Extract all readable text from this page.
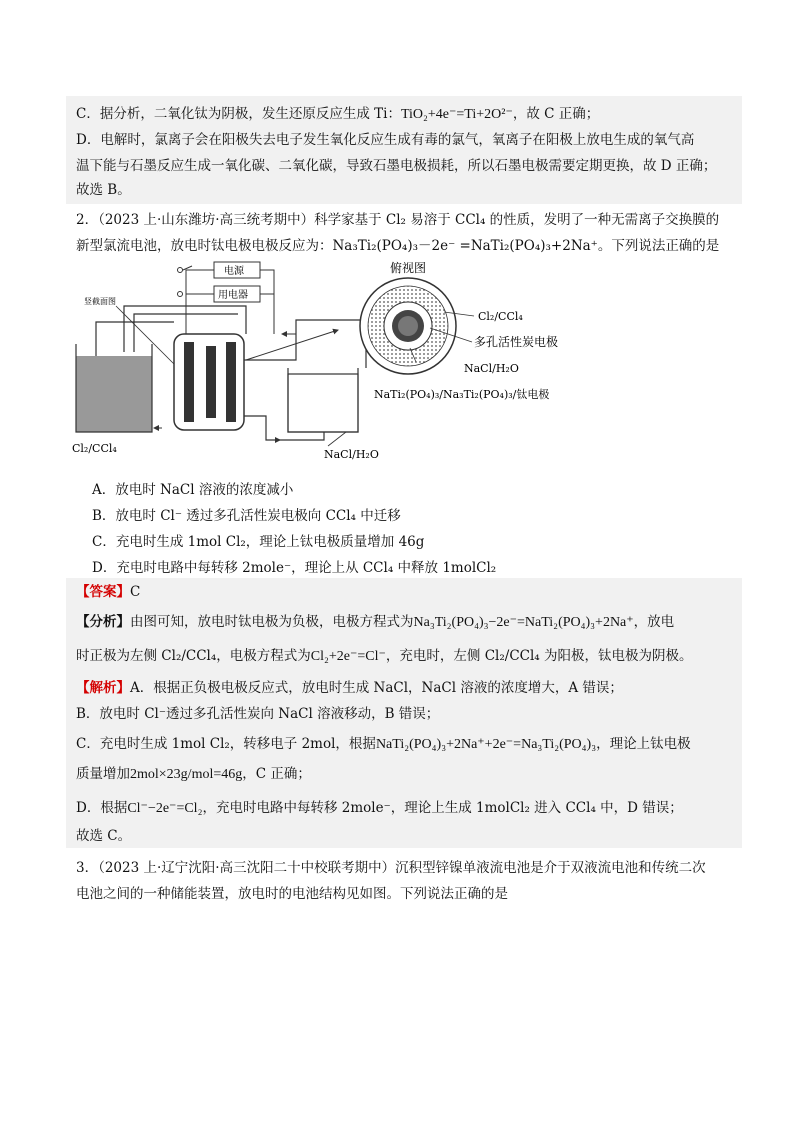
C．据分析，二氧化钛为阴极，发生还原反应生成 Ti：TiO₂+4e⁻=Ti+2O²⁻，故 C 正确；
D．电解时，氯离子会在阳极失去电子发生氧化反应生成有毒的氯气，氧离子在阳极上放电生成的氧气高
温下能与石墨反应生成一氧化碳、二氧化碳，导致石墨电极损耗，所以石墨电极需要定期更换，故 D 正确；
故选 B。
2．（2023 上·山东潍坊·高三统考期中）科学家基于 Cl₂ 易溶于 CCl₄ 的性质，发明了一种无需离子交换膜的
新型氯流电池，放电时钛电极电极反应为：Na₃Ti₂(PO₄)₃－2e⁻ =NaTi₂(PO₄)₃+2Na⁺。下列说法正确的是
电源
用电器
竖截面图
Cl₂/CCl₄	NaCl/H₂O
俯视图
Cl₂/CCl₄
多孔活性炭电极
NaCl/H₂O
NaTi₂(PO₄)₃/Na₃Ti₂(PO₄)₃/钛电极
A．放电时 NaCl 溶液的浓度减小
B．放电时 Cl⁻ 透过多孔活性炭电极向 CCl₄ 中迁移
C．充电时生成 1mol Cl₂，理论上钛电极质量增加 46g
D．充电时电路中每转移 2mole⁻，理论上从 CCl₄ 中释放 1molCl₂
【答案】C
【分析】由图可知，放电时钛电极为负极，电极方程式为Na₃Ti₂(PO₄)₃−2e⁻=NaTi₂(PO₄)₃+2Na⁺，放电
时正极为左侧 Cl₂/CCl₄，电极方程式为Cl₂+2e⁻=Cl⁻，充电时，左侧 Cl₂/CCl₄ 为阳极，钛电极为阴极。
【解析】A．根据正负极电极反应式，放电时生成 NaCl，NaCl 溶液的浓度增大，A 错误；
B．放电时 Cl⁻透过多孔活性炭向 NaCl 溶液移动，B 错误；
C．充电时生成 1mol Cl₂，转移电子 2mol，根据NaTi₂(PO₄)₃+2Na⁺+2e⁻=Na₃Ti₂(PO₄)₃，理论上钛电极
质量增加2mol×23g/mol=46g，C 正确；
D．根据Cl⁻−2e⁻=Cl₂，充电时电路中每转移 2mole⁻，理论上生成 1molCl₂ 进入 CCl₄ 中，D 错误；
故选 C。
3．（2023 上·辽宁沈阳·高三沈阳二十中校联考期中）沉积型锌镍单液流电池是介于双液流电池和传统二次
电池之间的一种储能装置，放电时的电池结构见如图。下列说法正确的是
